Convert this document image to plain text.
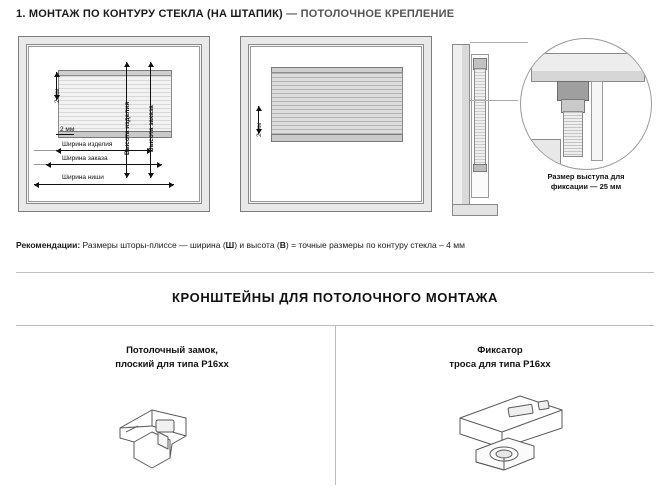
1. МОНТАЖ ПО КОНТУРУ СТЕКЛА (НА ШТАПИК) — ПОТОЛОЧНОЕ КРЕПЛЕНИЕ
2 мм
2 мм
Ширина изделия
Ширина заказа
Ширина ниши
Высота изделия	Высота заказа	2 мм
Размер выступа для
фиксации — 25 мм
Рекомендации: Размеры шторы-плиссе — ширина (Ш) и высота (В) = точные размеры по контуру стекла – 4 мм
КРОНШТЕЙНЫ ДЛЯ ПОТОЛОЧНОГО МОНТАЖА
Потолочный замок,
плоский для типа Р16хх
Фиксатор
троса для типа Р16хх
